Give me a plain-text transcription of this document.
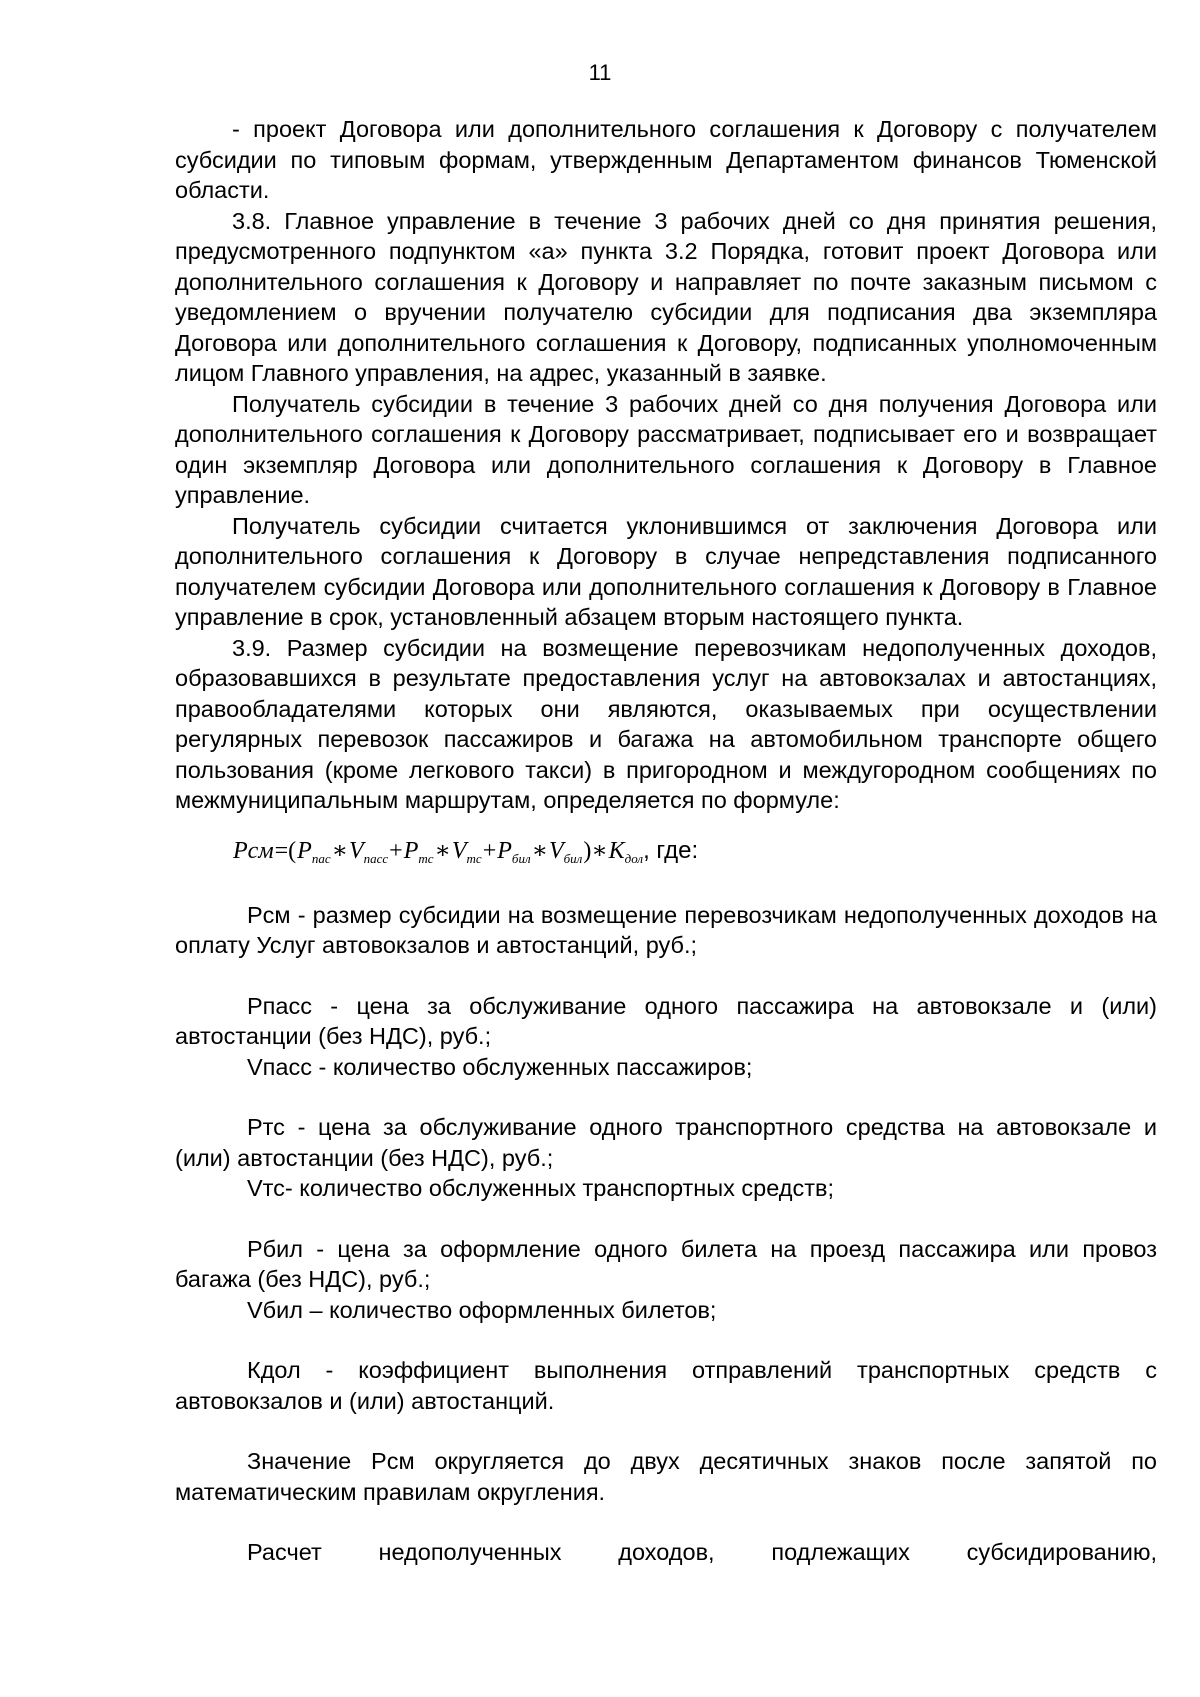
11

- проект Договора или дополнительного соглашения к Договору с получателем субсидии по типовым формам, утвержденным Департаментом финансов Тюменской области.

3.8. Главное управление в течение 3 рабочих дней со дня принятия решения, предусмотренного подпунктом «а» пункта 3.2 Порядка, готовит проект Договора или дополнительного соглашения к Договору и направляет по почте заказным письмом с уведомлением о вручении получателю субсидии для подписания два экземпляра Договора или дополнительного соглашения к Договору, подписанных уполномоченным лицом Главного управления, на адрес, указанный в заявке.

Получатель субсидии в течение 3 рабочих дней со дня получения Договора или дополнительного соглашения к Договору рассматривает, подписывает его и возвращает один экземпляр Договора или дополнительного соглашения к Договору в Главное управление.

Получатель субсидии считается уклонившимся от заключения Договора или дополнительного соглашения к Договору в случае непредставления подписанного получателем субсидии Договора или дополнительного соглашения к Договору в Главное управление в срок, установленный абзацем вторым настоящего пункта.

3.9. Размер субсидии на возмещение перевозчикам недополученных доходов, образовавшихся в результате предоставления услуг на автовокзалах и автостанциях, правообладателями которых они являются, оказываемых при осуществлении регулярных перевозок пассажиров и багажа на автомобильном транспорте общего пользования (кроме легкового такси) в пригородном и междугородном сообщениях по межмуниципальным маршрутам, определяется по формуле:

$Рсм=(P_{пас}∗V_{пасс}+P_{тс}∗V_{тс}+P_{бил}∗V_{бил})∗K_{дол}$, где:

Рсм - размер субсидии на возмещение перевозчикам недополученных доходов на оплату Услуг автовокзалов и автостанций, руб.;

Рпасс - цена за обслуживание одного пассажира на автовокзале и (или) автостанции (без НДС), руб.;

Vпасс - количество обслуженных пассажиров;

Ртс - цена за обслуживание одного транспортного средства на автовокзале и (или) автостанции (без НДС), руб.;

Vтс- количество обслуженных транспортных средств;

Рбил - цена за оформление одного билета на проезд пассажира или провоз багажа (без НДС), руб.;

Vбил – количество оформленных билетов;

Кдол - коэффициент выполнения отправлений транспортных средств с автовокзалов и (или) автостанций.

Значение Рсм округляется до двух десятичных знаков после запятой по математическим правилам округления.

Расчет недополученных доходов, подлежащих субсидированию,
